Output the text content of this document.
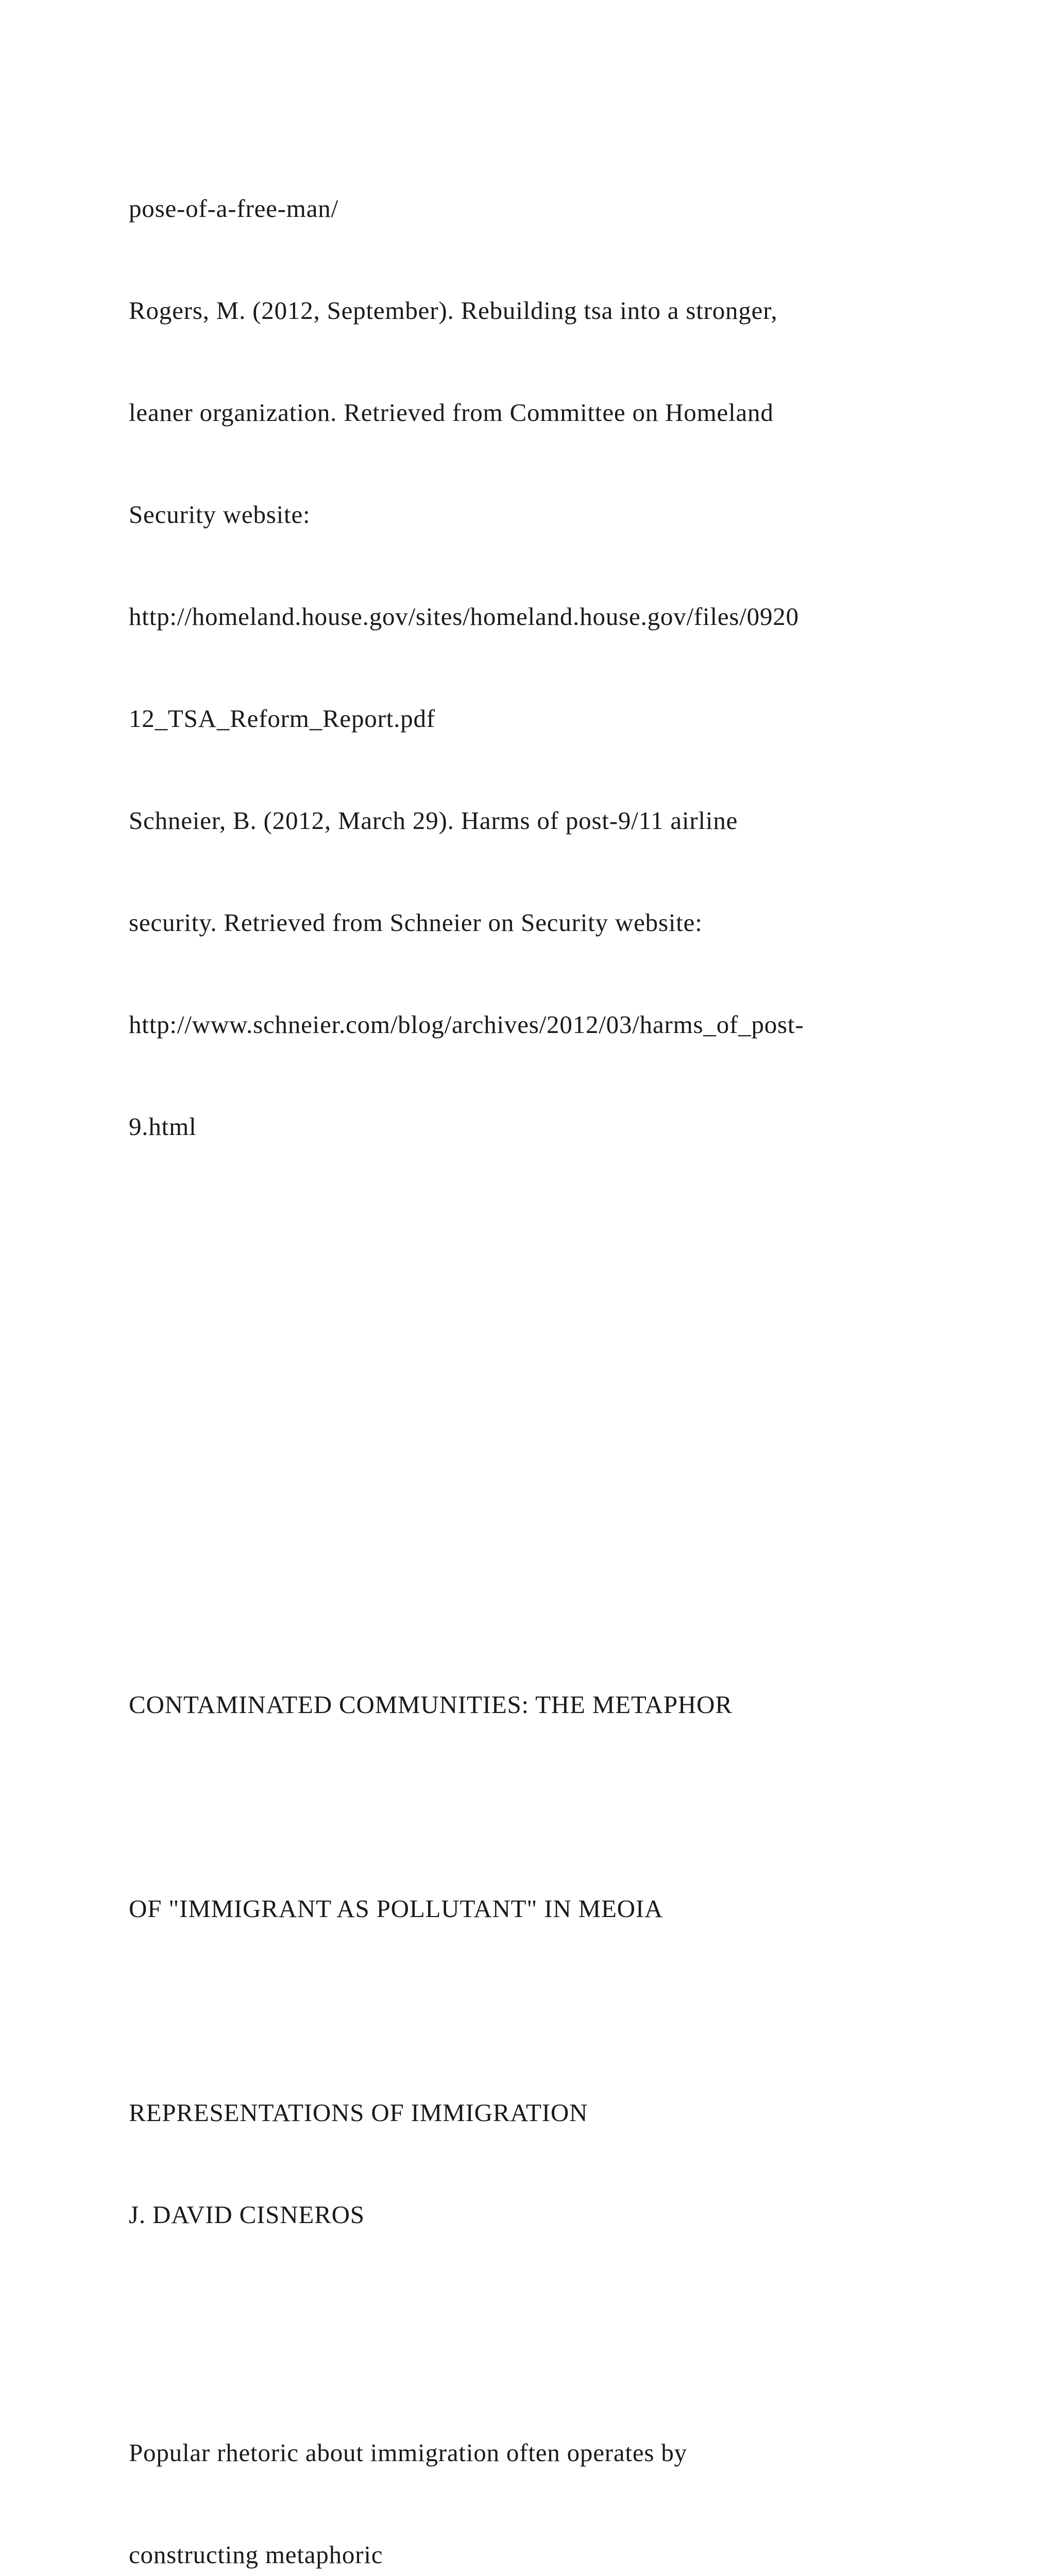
pose-of-a-free-man/

Rogers, M. (2012, September). Rebuilding tsa into a stronger,

leaner organization. Retrieved from Committee on Homeland

Security website:

http://homeland.house.gov/sites/homeland.house.gov/files/0920

12_TSA_Reform_Report.pdf

Schneier, B. (2012, March 29). Harms of post-9/11 airline

security. Retrieved from Schneier on Security website:

http://www.schneier.com/blog/archives/2012/03/harms_of_post-

9.html

CONTAMINATED COMMUNITIES: THE METAPHOR

OF "IMMIGRANT AS POLLUTANT" IN MEOIA

REPRESENTATIONS OF IMMIGRATION

J. DAVID CISNEROS

Popular rhetoric about immigration often operates by

constructing metaphoric
